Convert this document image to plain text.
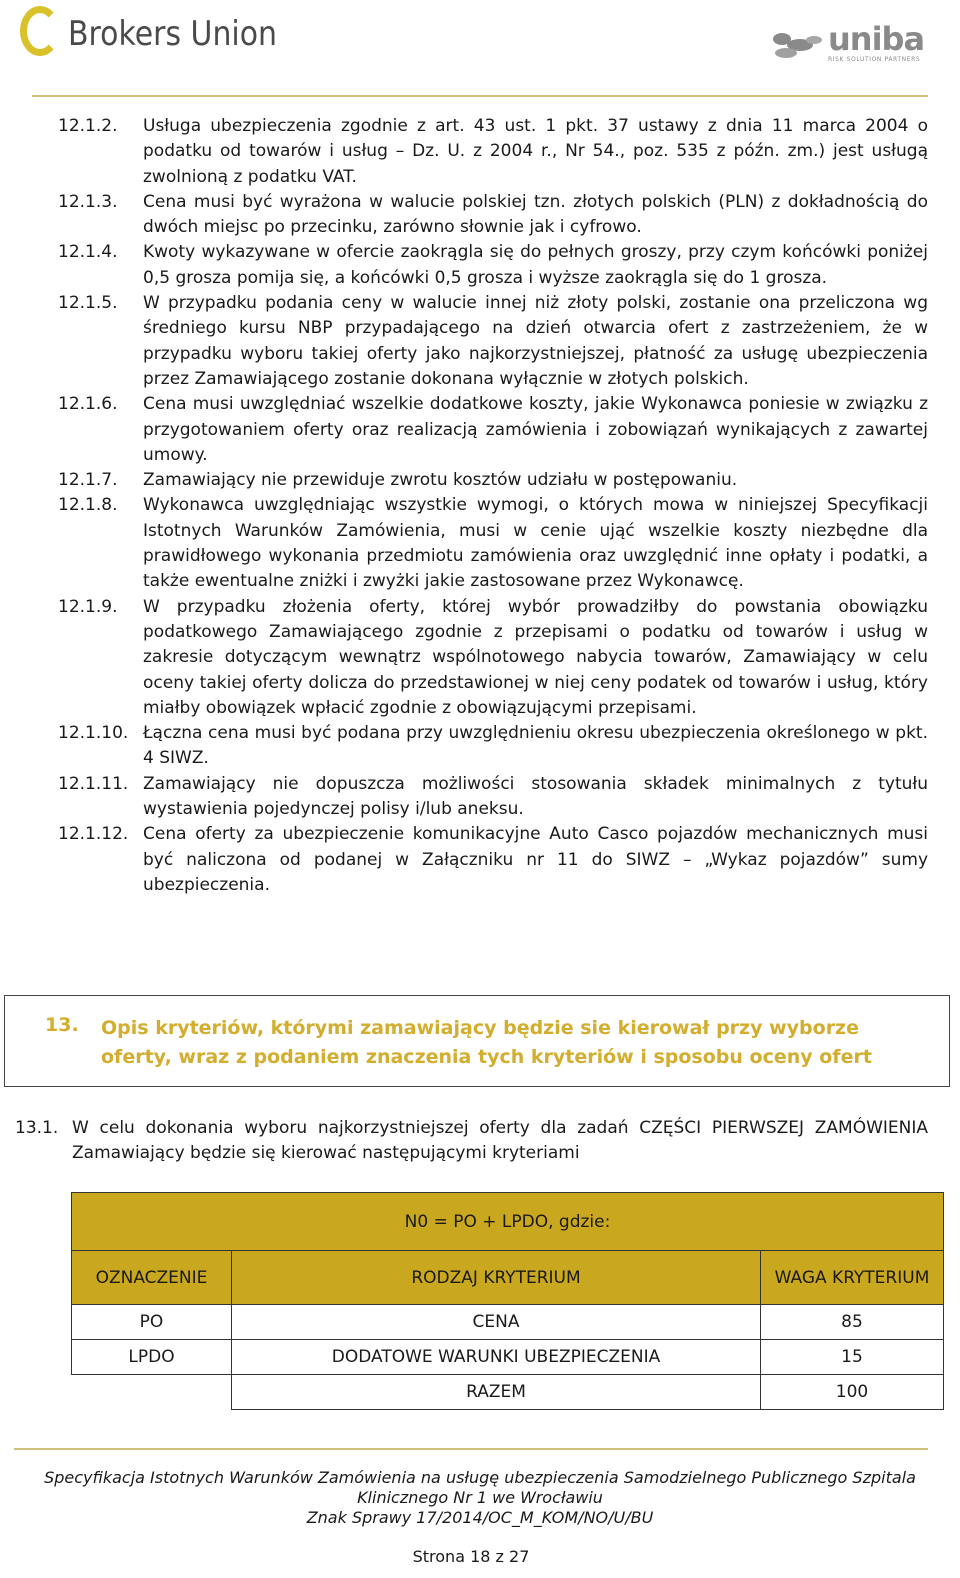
Brokers Union	uniba
RISK SOLUTION PARTNERS
12.1.2. Usługa ubezpieczenia zgodnie z art. 43 ust. 1 pkt. 37 ustawy z dnia 11 marca 2004 o podatku od towarów i usług – Dz. U. z 2004 r., Nr 54., poz. 535 z późn. zm.) jest usługą zwolnioną z podatku VAT.
12.1.3. Cena musi być wyrażona w walucie polskiej tzn. złotych polskich (PLN) z dokładnością do dwóch miejsc po przecinku, zarówno słownie jak i cyfrowo.
12.1.4. Kwoty wykazywane w ofercie zaokrągla się do pełnych groszy, przy czym końcówki poniżej 0,5 grosza pomija się, a końcówki 0,5 grosza i wyższe zaokrągla się do 1 grosza.
12.1.5. W przypadku podania ceny w walucie innej niż złoty polski, zostanie ona przeliczona wg średniego kursu NBP przypadającego na dzień otwarcia ofert z zastrzeżeniem, że w przypadku wyboru takiej oferty jako najkorzystniejszej, płatność za usługę ubezpieczenia przez Zamawiającego zostanie dokonana wyłącznie w złotych polskich.
12.1.6. Cena musi uwzględniać wszelkie dodatkowe koszty, jakie Wykonawca poniesie w związku z przygotowaniem oferty oraz realizacją zamówienia i zobowiązań wynikających z zawartej umowy.
12.1.7. Zamawiający nie przewiduje zwrotu kosztów udziału w postępowaniu.
12.1.8. Wykonawca uwzględniając wszystkie wymogi, o których mowa w niniejszej Specyfikacji Istotnych Warunków Zamówienia, musi w cenie ująć wszelkie koszty niezbędne dla prawidłowego wykonania przedmiotu zamówienia oraz uwzględnić inne opłaty i podatki, a także ewentualne zniżki i zwyżki jakie zastosowane przez Wykonawcę.
12.1.9. W przypadku złożenia oferty, której wybór prowadziłby do powstania obowiązku podatkowego Zamawiającego zgodnie z przepisami o podatku od towarów i usług w zakresie dotyczącym wewnątrz wspólnotowego nabycia towarów, Zamawiający w celu oceny takiej oferty dolicza do przedstawionej w niej ceny podatek od towarów i usług, który miałby obowiązek wpłacić zgodnie z obowiązującymi przepisami.
12.1.10. Łączna cena musi być podana przy uwzględnieniu okresu ubezpieczenia określonego w pkt. 4 SIWZ.
12.1.11. Zamawiający nie dopuszcza możliwości stosowania składek minimalnych z tytułu wystawienia pojedynczej polisy i/lub aneksu.
12.1.12. Cena oferty za ubezpieczenie komunikacyjne Auto Casco pojazdów mechanicznych musi być naliczona od podanej w Załączniku nr 11 do SIWZ – „Wykaz pojazdów” sumy ubezpieczenia.
13. Opis kryteriów, którymi zamawiający będzie sie kierował przy wyborze oferty, wraz z podaniem znaczenia tych kryteriów i sposobu oceny ofert
13.1. W celu dokonania wyboru najkorzystniejszej oferty dla zadań CZĘŚCI PIERWSZEJ ZAMÓWIENIA Zamawiający będzie się kierować następującymi kryteriami
N0 = PO + LPDO, gdzie:		
OZNACZENIE	RODZAJ KRYTERIUM	WAGA KRYTERIUM
PO	CENA	85
LPDO	DODATOWE WARUNKI UBEZPIECZENIA	15
	RAZEM	100
Specyfikacja Istotnych Warunków Zamówienia na usługę ubezpieczenia Samodzielnego Publicznego Szpitala
Klinicznego Nr 1 we Wrocławiu
Znak Sprawy 17/2014/OC_M_KOM/NO/U/BU
Strona 18 z 27
